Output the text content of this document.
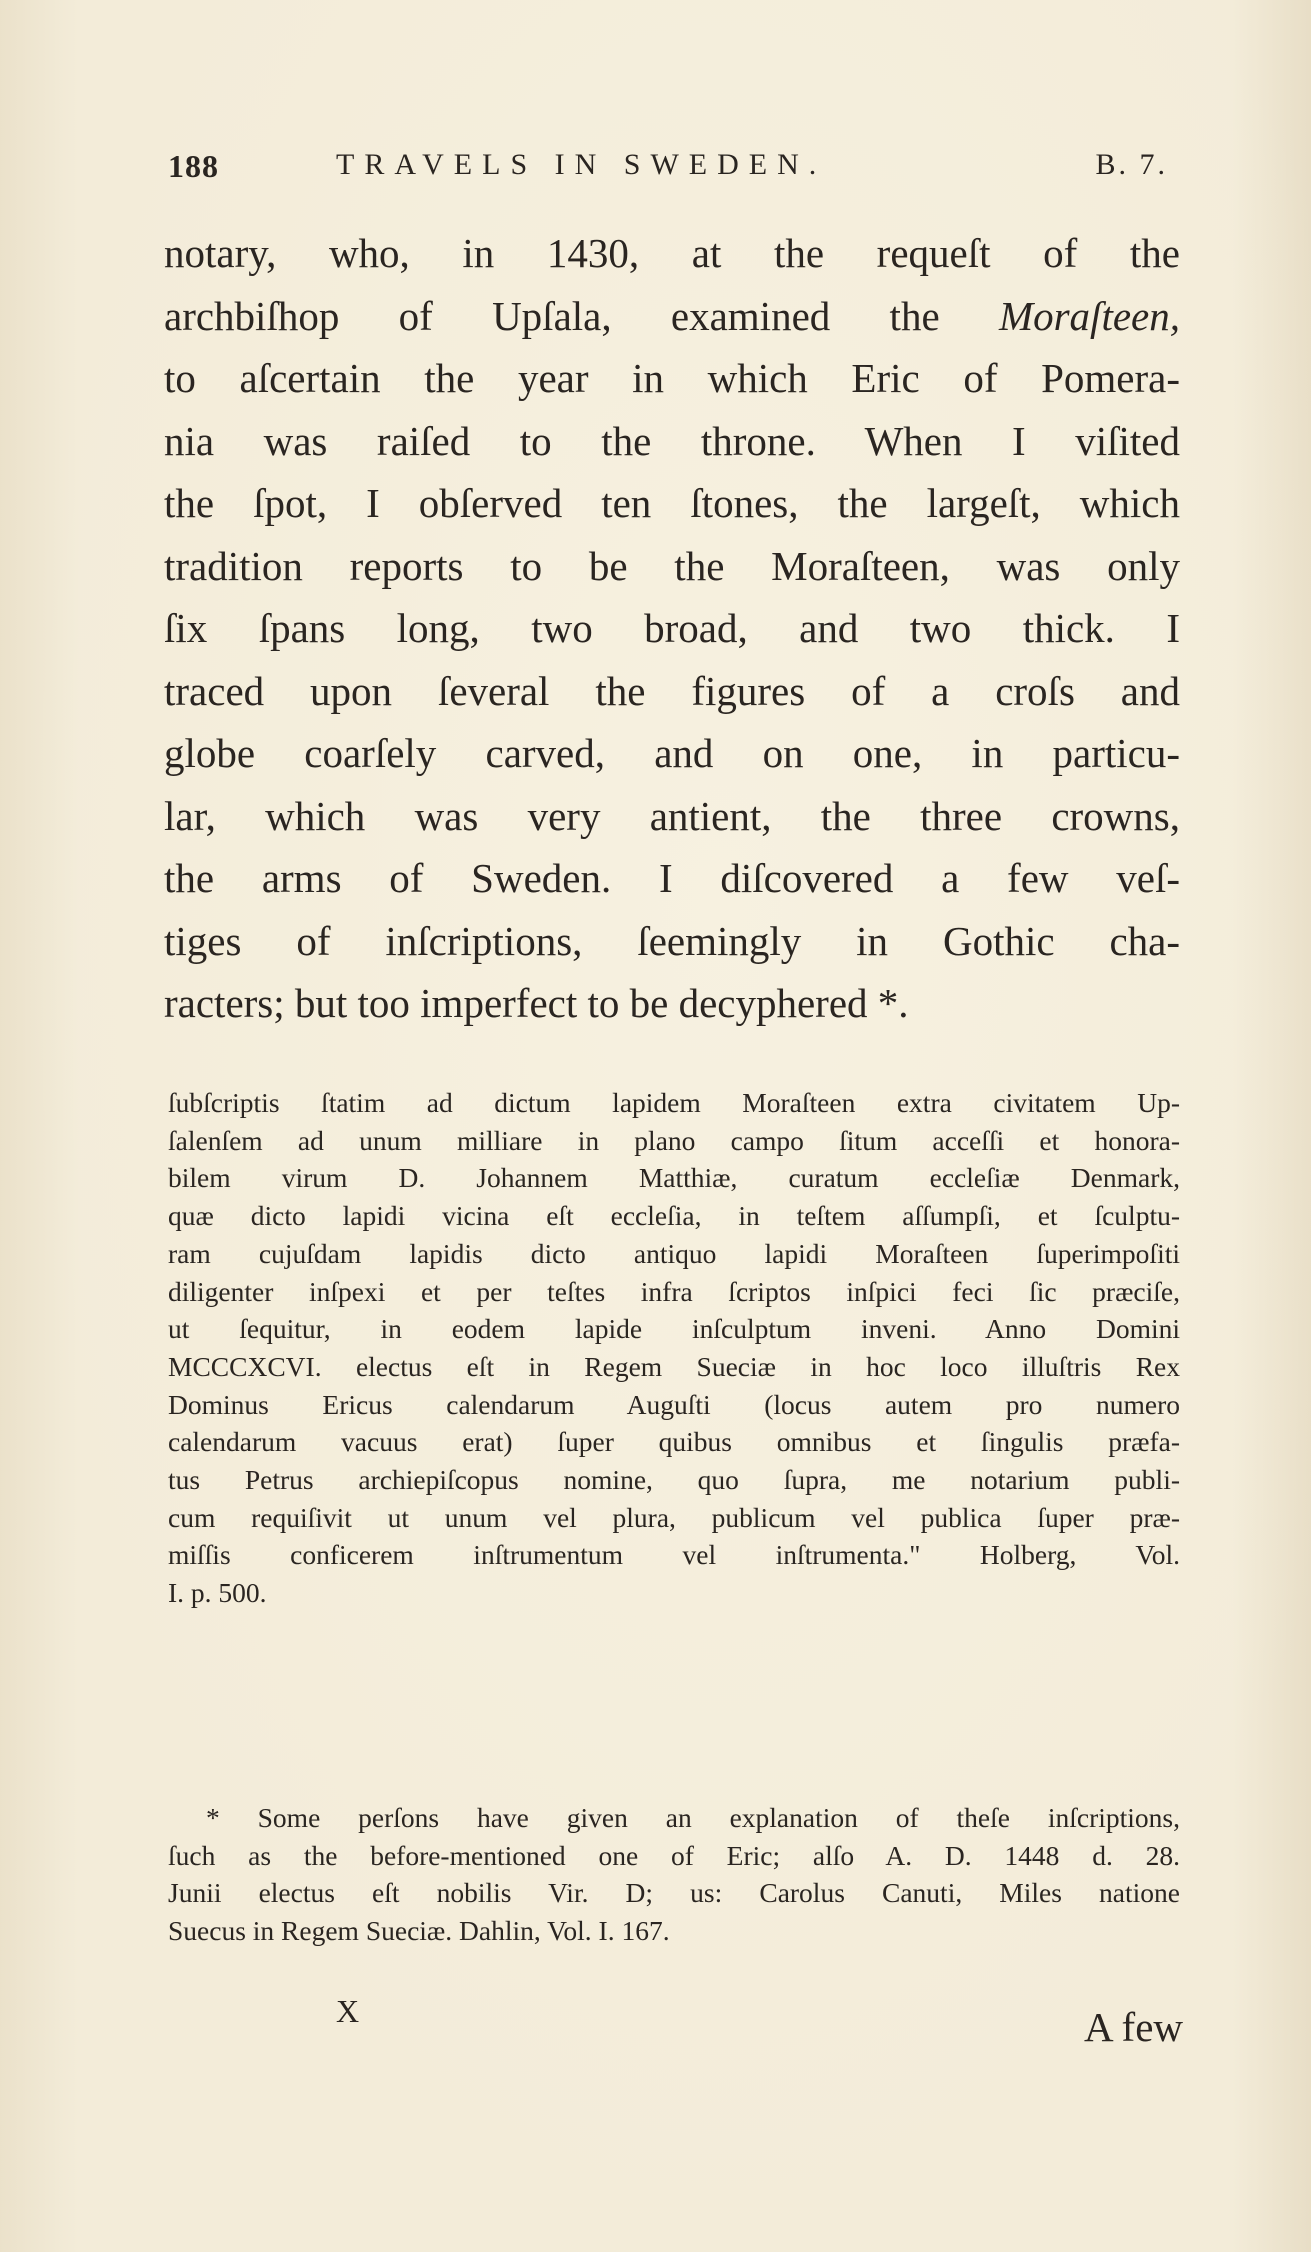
188	TRAVELS IN SWEDEN.	B. 7.
notary, who, in 1430, at the requeſt of the
archbiſhop of Upſala, examined the Moraſteen,
to aſcertain the year in which Eric of Pomera-
nia was raiſed to the throne. When I viſited
the ſpot, I obſerved ten ſtones, the largeſt, which
tradition reports to be the Moraſteen, was only
ſix ſpans long, two broad, and two thick. I
traced upon ſeveral the figures of a croſs and
globe coarſely carved, and on one, in particu-
lar, which was very antient, the three crowns,
the arms of Sweden. I diſcovered a few veſ-
tiges of inſcriptions, ſeemingly in Gothic cha-
racters; but too imperfect to be decyphered *.
ſubſcriptis ſtatim ad dictum lapidem Moraſteen extra civitatem Up-
ſalenſem ad unum milliare in plano campo ſitum acceſſi et honora-
bilem virum D. Johannem Matthiæ, curatum eccleſiæ Denmark,
quæ dicto lapidi vicina eſt eccleſia, in teſtem aſſumpſi, et ſculptu-
ram cujuſdam lapidis dicto antiquo lapidi Moraſteen ſuperimpoſiti
diligenter inſpexi et per teſtes infra ſcriptos inſpici feci ſic præciſe,
ut ſequitur, in eodem lapide inſculptum inveni. Anno Domini
MCCCXCVI. electus eſt in Regem Sueciæ in hoc loco illuſtris Rex
Dominus Ericus calendarum Auguſti (locus autem pro numero
calendarum vacuus erat) ſuper quibus omnibus et ſingulis præfa-
tus Petrus archiepiſcopus nomine, quo ſupra, me notarium publi-
cum requiſivit ut unum vel plura, publicum vel publica ſuper præ-
miſſis conficerem inſtrumentum vel inſtrumenta." Holberg, Vol.
I. p. 500.
* Some perſons have given an explanation of theſe inſcriptions,
ſuch as the before-mentioned one of Eric; alſo A. D. 1448 d. 28.
Junii electus eſt nobilis Vir. D; us: Carolus Canuti, Miles natione
Suecus in Regem Sueciæ. Dahlin, Vol. I. 167.
X	A few
